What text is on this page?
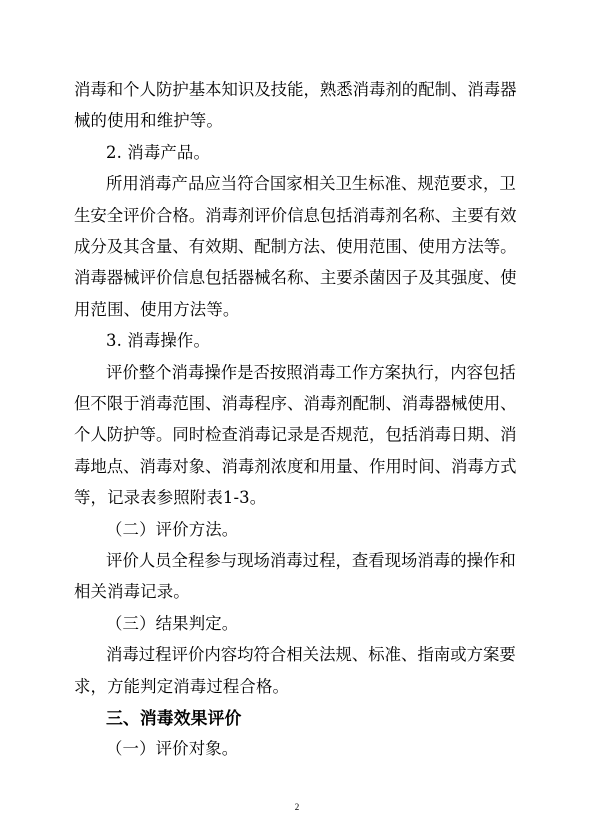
消毒和个人防护基本知识及技能，熟悉消毒剂的配制、消毒器
械的使用和维护等。
2. 消毒产品。
所用消毒产品应当符合国家相关卫生标准、规范要求，卫
生安全评价合格。消毒剂评价信息包括消毒剂名称、主要有效
成分及其含量、有效期、配制方法、使用范围、使用方法等。
消毒器械评价信息包括器械名称、主要杀菌因子及其强度、使
用范围、使用方法等。
3. 消毒操作。
评价整个消毒操作是否按照消毒工作方案执行，内容包括
但不限于消毒范围、消毒程序、消毒剂配制、消毒器械使用、
个人防护等。同时检查消毒记录是否规范，包括消毒日期、消
毒地点、消毒对象、消毒剂浓度和用量、作用时间、消毒方式
等，记录表参照附表1-3。
（二）评价方法。
评价人员全程参与现场消毒过程，查看现场消毒的操作和
相关消毒记录。
（三）结果判定。
消毒过程评价内容均符合相关法规、标准、指南或方案要
求，方能判定消毒过程合格。
三、消毒效果评价
（一）评价对象。
2
